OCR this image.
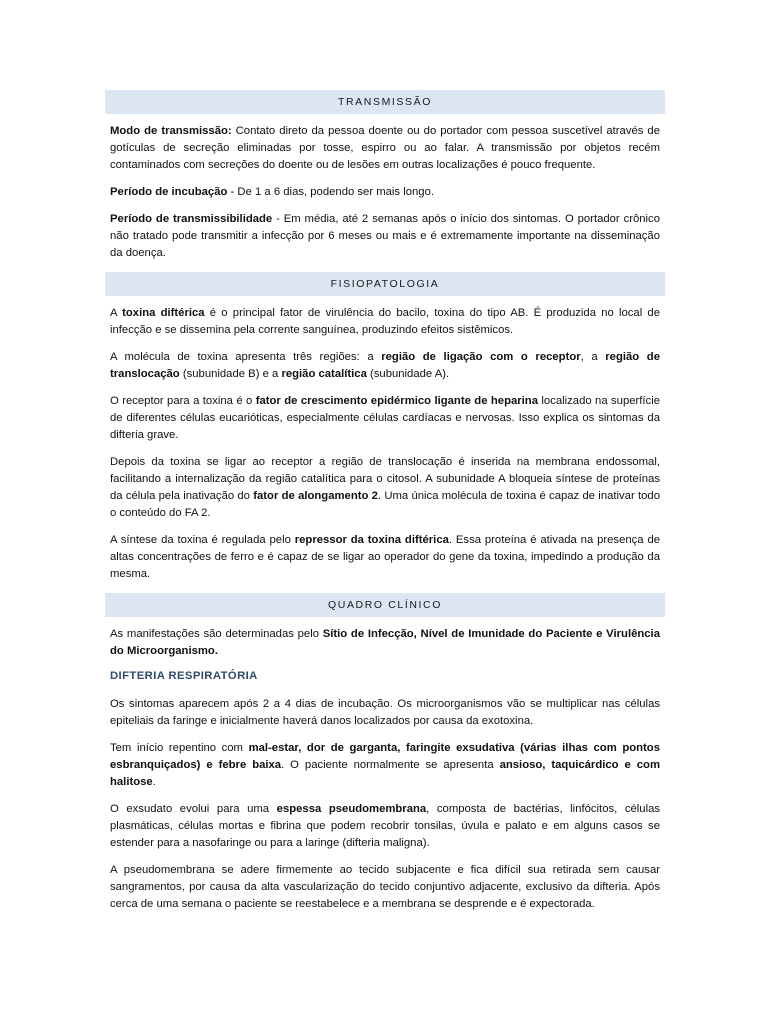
TRANSMISSÃO

Modo de transmissão: Contato direto da pessoa doente ou do portador com pessoa suscetível através de gotículas de secreção eliminadas por tosse, espirro ou ao falar. A transmissão por objetos recém contaminados com secreções do doente ou de lesões em outras localizações é pouco frequente.

Período de incubação - De 1 a 6 dias, podendo ser mais longo.

Período de transmissibilidade - Em média, até 2 semanas após o início dos sintomas. O portador crônico não tratado pode transmitir a infecção por 6 meses ou mais e é extremamente importante na disseminação da doença.

FISIOPATOLOGIA

A toxina diftérica é o principal fator de virulência do bacilo, toxina do tipo AB. É produzida no local de infecção e se dissemina pela corrente sanguínea, produzindo efeitos sistêmicos.

A molécula de toxina apresenta três regiões: a região de ligação com o receptor, a região de translocação (subunidade B) e a região catalítica (subunidade A).

O receptor para a toxina é o fator de crescimento epidérmico ligante de heparina localizado na superfície de diferentes células eucarióticas, especialmente células cardíacas e nervosas. Isso explica os sintomas da difteria grave.

Depois da toxina se ligar ao receptor a região de translocação é inserida na membrana endossomal, facilitando a internalização da região catalítica para o citosol. A subunidade A bloqueia síntese de proteínas da célula pela inativação do fator de alongamento 2. Uma única molécula de toxina é capaz de inativar todo o conteúdo do FA 2.

A síntese da toxina é regulada pelo repressor da toxina diftérica. Essa proteína é ativada na presença de altas concentrações de ferro e é capaz de se ligar ao operador do gene da toxina, impedindo a produção da mesma.

QUADRO CLÍNICO

As manifestações são determinadas pelo Sítio de Infecção, Nível de Imunidade do Paciente e Virulência do Microorganismo.

DIFTERIA RESPIRATÓRIA

Os sintomas aparecem após 2 a 4 dias de incubação. Os microorganismos vão se multiplicar nas células epiteliais da faringe e inicialmente haverá danos localizados por causa da exotoxina.

Tem início repentino com mal-estar, dor de garganta, faringite exsudativa (várias ilhas com pontos esbranquiçados) e febre baixa. O paciente normalmente se apresenta ansioso, taquicárdico e com halitose.

O exsudato evolui para uma espessa pseudomembrana, composta de bactérias, linfócitos, células plasmáticas, células mortas e fibrina que podem recobrir tonsilas, úvula e palato e em alguns casos se estender para a nasofaringe ou para a laringe (difteria maligna).

A pseudomembrana se adere firmemente ao tecido subjacente e fica difícil sua retirada sem causar sangramentos, por causa da alta vascularização do tecido conjuntivo adjacente, exclusivo da difteria. Após cerca de uma semana o paciente se reestabelece e a membrana se desprende e é expectorada.
